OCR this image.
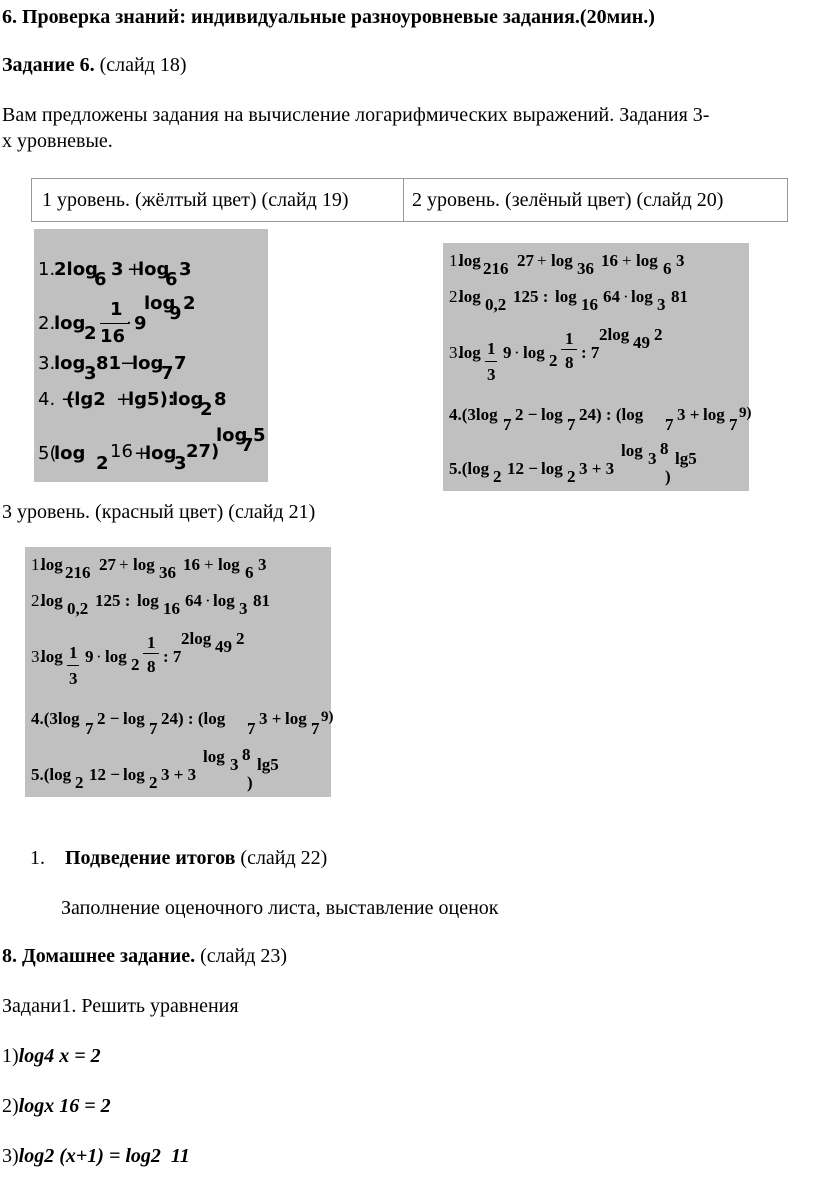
6. Проверка знаний: индивидуальные разноуровневые задания.(20мин.)
Задание 6. (слайд 18)
Вам предложены задания на вычисление логарифмических выражений. Задания 3-
х уровневые.
1 уровень. (жёлтый цвет) (слайд 19)	2 уровень. (зелёный цвет) (слайд 20)
1.
2log
6 3 +
log
6 3
2.
log
2
1
16
· 9
log
9 2
3.
log
3 81
−
log
7 7
4. −
(lg2 +
lg5):
log
2 8
5(
log 2
16 +
log
3
27)
log
7 5
1.
log 216 27 + log 36 16 + log 6 3
2.
log 0,2 125 : log 16 64 · log 3 81
3.
log 1
3
9 · log 2
1
8
: 7
2log 49 2
4.(3log
7
2 − log
7
24) : (log
7
3 + log
7
9)
5.(log 2 12 − log 2 3 + 3
log 3
8
)
lg5
3 уровень. (красный цвет) (слайд 21)
1.
log 216 27 + log 36 16 + log 6 3
2.
log 0,2 125 : log 16 64 · log 3 81
3.
log 1
3
9 · log 2
1
8
: 7
2log 49 2
4.(3log
7
2 − log
7
24) : (log
7
3 + log
7
9)
5.(log 2 12 − log 2 3 + 3
log 3
8
)
lg5
1. Подведение итогов (слайд 22)
Заполнение оценочного листа, выставление оценок
8. Домашнее задание. (слайд 23)
Задани1. Решить уравнения
1)log4 x = 2
2)logx 16 = 2
3)log2 (x+1) = log2  11
